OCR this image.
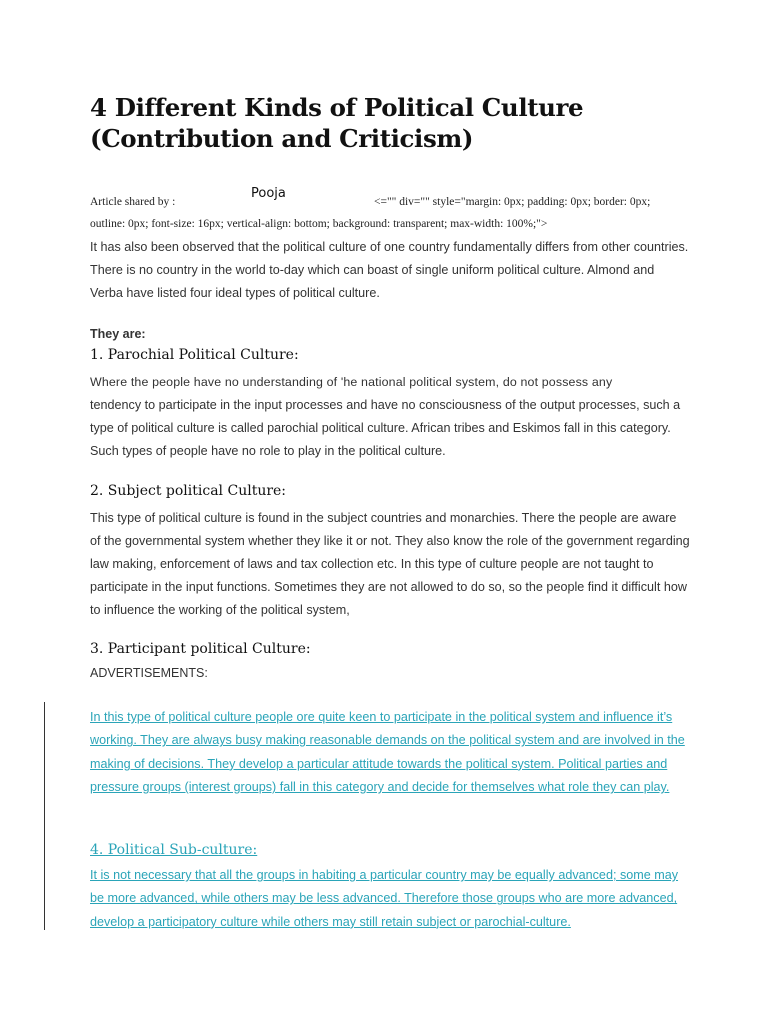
4 Different Kinds of Political Culture
(Contribution and Criticism)
Article shared by :
Pooja
<="" div="" style="margin: 0px; padding: 0px; border: 0px;
outline: 0px; font-size: 16px; vertical-align: bottom; background: transparent; max-width: 100%;">
It has also been observed that the political culture of one country fundamentally differs from other countries. There is no country in the world to-day which can boast of single uniform political culture. Almond and Verba have listed four ideal types of political culture.
They are:
1. Parochial Political Culture:
Where the people have no understanding of 'he national political system, do not possess any
tendency to participate in the input processes and have no consciousness of the output processes, such a type of political culture is called parochial political culture. African tribes and Eskimos fall in this category. Such types of people have no role to play in the political culture.
2. Subject political Culture:
This type of political culture is found in the subject countries and monarchies. There the people are aware of the governmental system whether they like it or not. They also know the role of the government regarding law making, enforcement of laws and tax collection etc. In this type of culture people are not taught to participate in the input functions. Sometimes they are not allowed to do so, so the people find it difficult how to influence the working of the political system,
3. Participant political Culture:
ADVERTISEMENTS:
In this type of political culture people ore quite keen to participate in the political system and influence it’s working. They are always busy making reasonable demands on the political system and are involved in the making of decisions. They develop a particular attitude towards the political system. Political parties and pressure groups (interest groups) fall in this category and decide for themselves what role they can play.
4. Political Sub-culture:
It is not necessary that all the groups in habiting a particular country may be equally advanced; some may be more advanced, while others may be less advanced. Therefore those groups who are more advanced, develop a participatory culture while others may still retain subject or parochial-culture.
